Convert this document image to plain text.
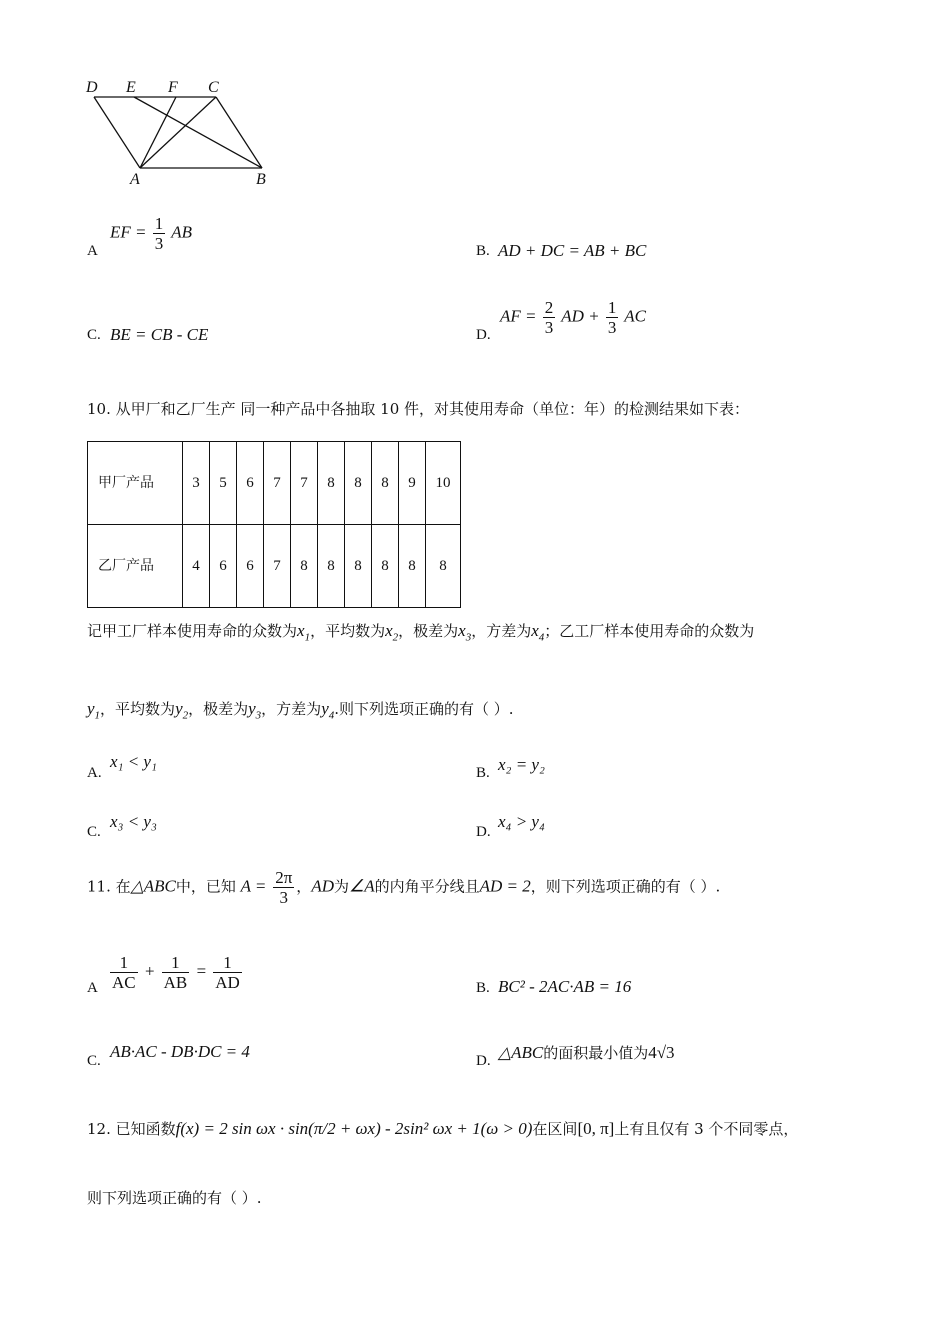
D E F C
A	B
A
EF = $\frac{1}{3}$ AB
B. AD + DC = AB + BC
C. BE = CB - CE	D.
AF = $\frac{2}{3}$ AD + $\frac{1}{3}$ AC
10. 从甲厂和乙厂生产 同一种产品中各抽取 10 件，对其使用寿命（单位：年）的检测结果如下表：
甲厂产品	3	5	6	7	7	8	8	8	9	10
乙厂产品	4	6	6	7	8	8	8	8	8	8
记甲工厂样本使用寿命的众数为$x_1$，平均数为$x_2$，极差为$x_3$，方差为$x_4$；乙工厂样本使用寿命的众数为
$y_1$，平均数为$y_2$，极差为$y_3$，方差为$y_4$.则下列选项正确的有（ ）.
A.
x₁ < y₁
B. x₂ = y₂
C.
x₃ < y₃
D.
x₄ > y₄
11. 在△ABC中，已知 $A = \frac{2\pi}{3}$ ，AD为∠A的内角平分线且AD = 2，则下列选项正确的有（ ）.
A $\frac{1}{AC} + \frac{1}{AB} = \frac{1}{AD}$	B. BC² - 2AC·AB = 16
C. AB·AC - DB·DC = 4	D. △ABC的面积最小值为4√3
12. 已知函数f(x) = 2 sin ωx · sin(π/2 + ωx) - 2sin² ωx + 1(ω > 0)在区间[0, π]上有且仅有 3 个不同零点，
则下列选项正确的有（ ）.
